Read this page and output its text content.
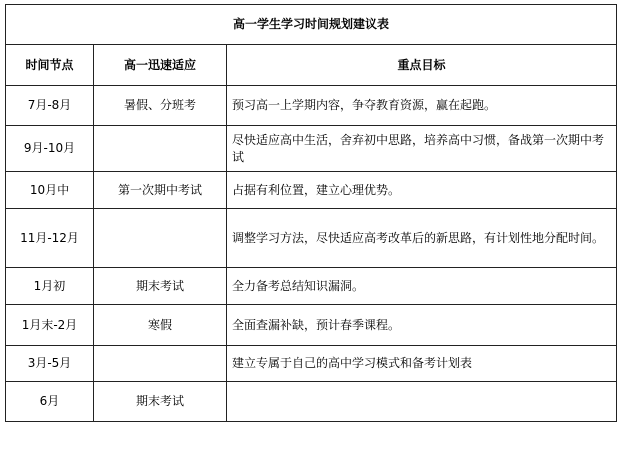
高一学生学习时间规划建议表		
时间节点	高一迅速适应	重点目标
7月-8月	暑假、分班考	预习高一上学期内容，争夺教育资源，赢在起跑。

9月-10月		尽快适应高中生活，舍弃初中思路，培养高中习惯，备战第一次期中考试

10月中	第一次期中考试	占据有利位置，建立心理优势。

11月-12月		调整学习方法，尽快适应高考改革后的新思路，有计划性地分配时间。

1月初	期末考试	全力备考总结知识漏洞。

1月末-2月	寒假	全面查漏补缺，预计春季课程。

3月-5月		建立专属于自己的高中学习模式和备考计划表

6月	期末考试	
